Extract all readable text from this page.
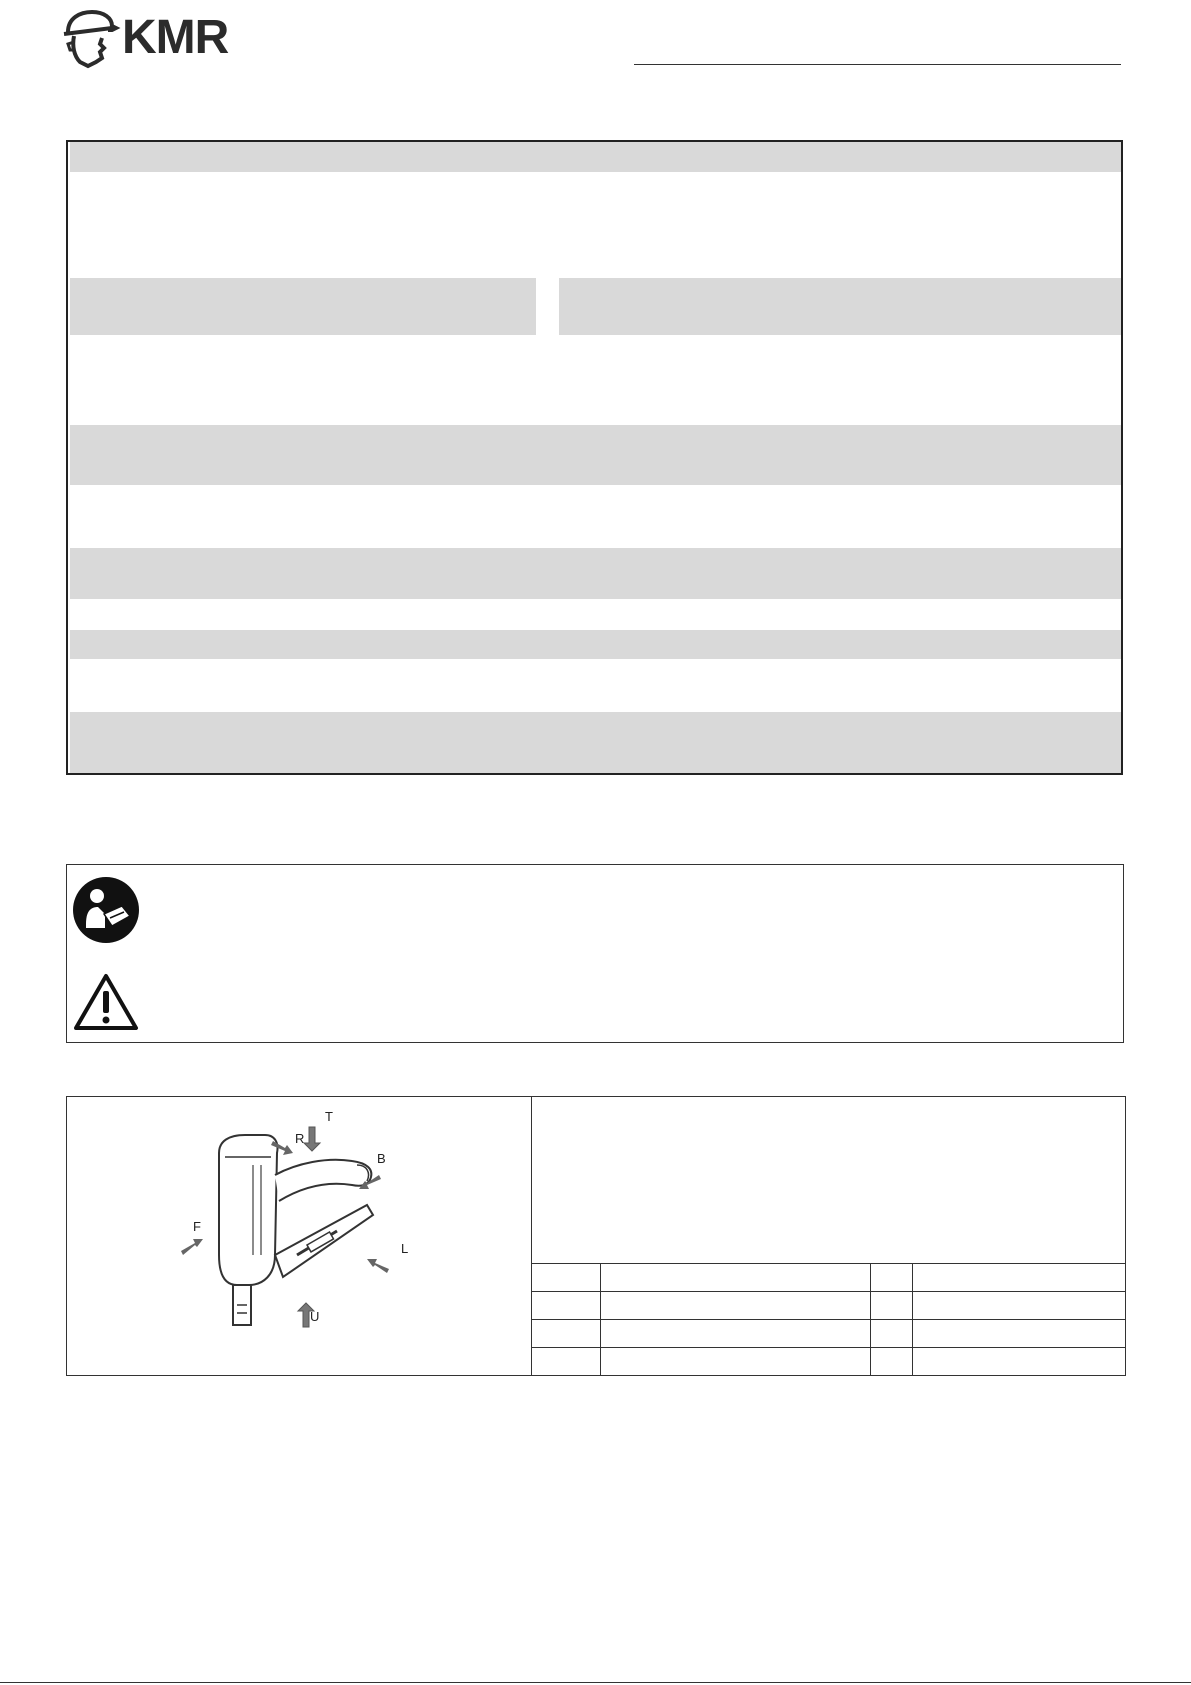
KMR
T
R
B
F
L
U
